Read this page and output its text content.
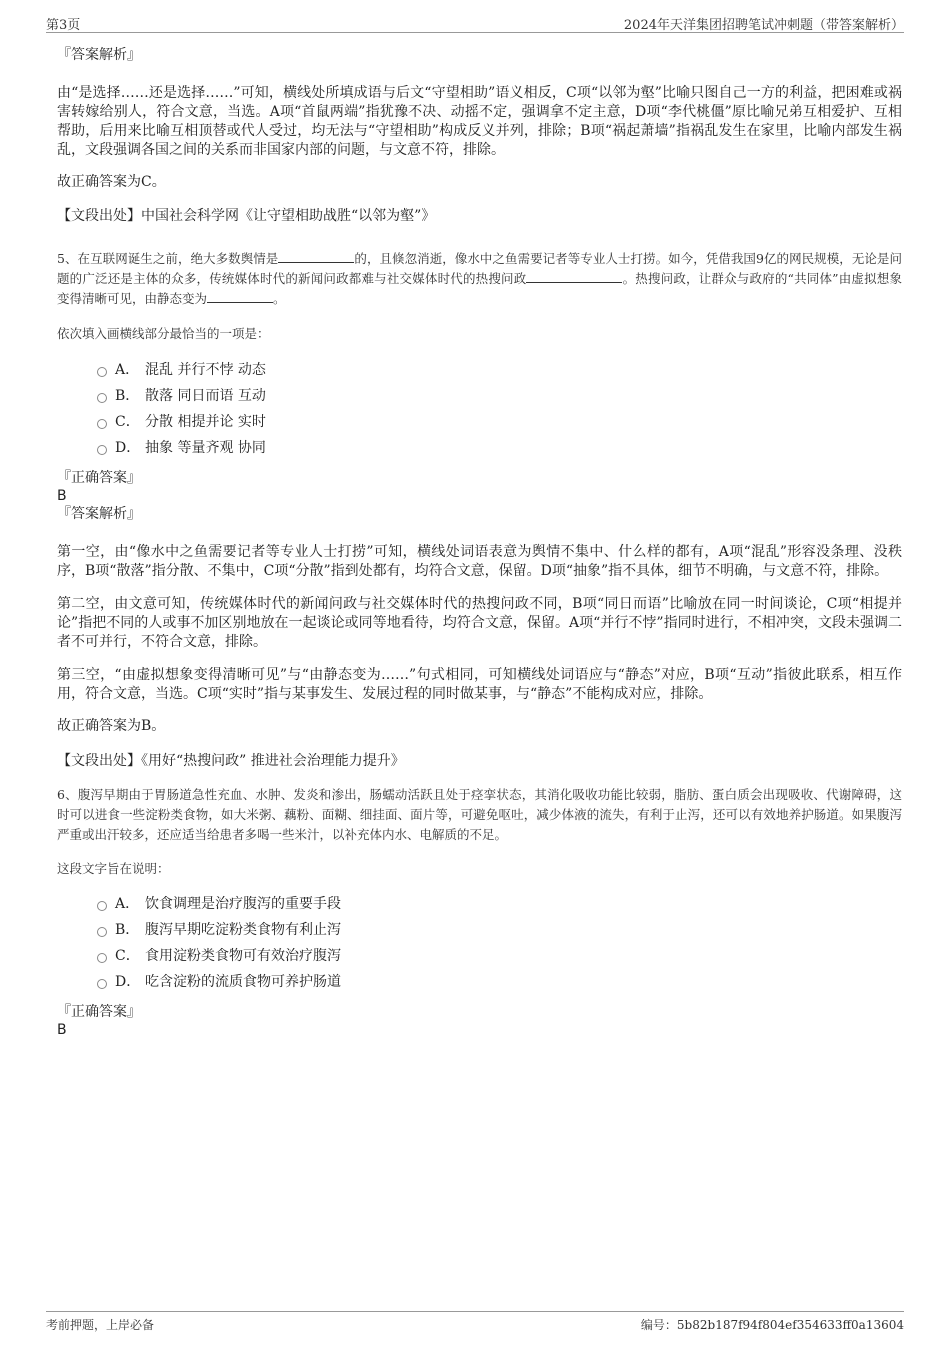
第3页	2024年天洋集团招聘笔试冲刺题（带答案解析）

『答案解析』

由“是选择……还是选择……”可知，横线处所填成语与后文“守望相助”语义相反，C项“以邻为壑”比喻只图自己一方的利益，把困难或祸害转嫁给别人，符合文意，当选。A项“首鼠两端”指犹豫不决、动摇不定，强调拿不定主意，D项“李代桃僵”原比喻兄弟互相爱护、互相帮助，后用来比喻互相顶替或代人受过，均无法与“守望相助”构成反义并列，排除；B项“祸起萧墙”指祸乱发生在家里，比喻内部发生祸乱，文段强调各国之间的关系而非国家内部的问题，与文意不符，排除。

故正确答案为C。

【文段出处】中国社会科学网《让守望相助战胜“以邻为壑”》

5、在互联网诞生之前，绝大多数舆情是	的，且倏忽消逝，像水中之鱼需要记者等专业人士打捞。如今，凭借我国9亿的网民规模，无论是问题的广泛还是主体的众多，传统媒体时代的新闻问政都难与社交媒体时代的热搜问政	。热搜问政，让群众与政府的“共同体”由虚拟想象变得清晰可见，由静态变为	。

依次填入画横线部分最恰当的一项是：

A． 混乱 并行不悖 动态
B． 散落 同日而语 互动
C． 分散 相提并论 实时
D． 抽象 等量齐观 协同

『正确答案』

B

『答案解析』

第一空，由“像水中之鱼需要记者等专业人士打捞”可知，横线处词语表意为舆情不集中、什么样的都有，A项“混乱”形容没条理、没秩序，B项“散落”指分散、不集中，C项“分散”指到处都有，均符合文意，保留。D项“抽象”指不具体，细节不明确，与文意不符，排除。

第二空，由文意可知，传统媒体时代的新闻问政与社交媒体时代的热搜问政不同，B项“同日而语”比喻放在同一时间谈论，C项“相提并论”指把不同的人或事不加区别地放在一起谈论或同等地看待，均符合文意，保留。A项“并行不悖”指同时进行，不相冲突，文段未强调二者不可并行，不符合文意，排除。

第三空，“由虚拟想象变得清晰可见”与“由静态变为……”句式相同，可知横线处词语应与“静态”对应，B项“互动”指彼此联系，相互作用，符合文意，当选。C项“实时”指与某事发生、发展过程的同时做某事，与“静态”不能构成对应，排除。

故正确答案为B。

【文段出处】《用好“热搜问政” 推进社会治理能力提升》

6、腹泻早期由于胃肠道急性充血、水肿、发炎和渗出，肠蠕动活跃且处于痉挛状态，其消化吸收功能比较弱，脂肪、蛋白质会出现吸收、代谢障碍，这时可以进食一些淀粉类食物，如大米粥、藕粉、面糊、细挂面、面片等，可避免呕吐，减少体液的流失，有利于止泻，还可以有效地养护肠道。如果腹泻严重或出汗较多，还应适当给患者多喝一些米汁，以补充体内水、电解质的不足。

这段文字旨在说明：

A． 饮食调理是治疗腹泻的重要手段
B． 腹泻早期吃淀粉类食物有利止泻
C． 食用淀粉类食物可有效治疗腹泻
D． 吃含淀粉的流质食物可养护肠道

『正确答案』

B

考前押题，上岸必备	编号：5b82b187f94f804ef354633ff0a13604
